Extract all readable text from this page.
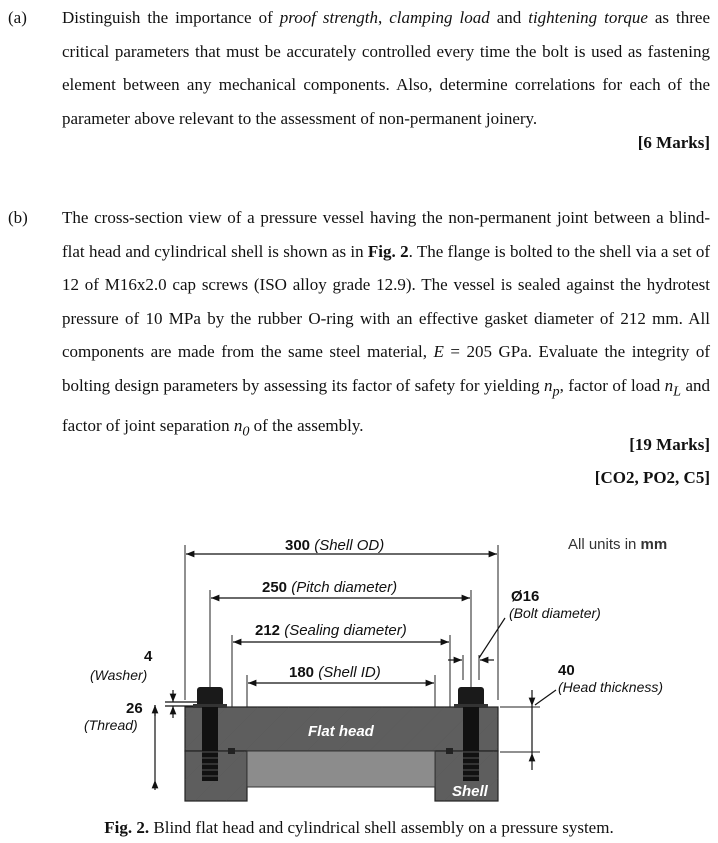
(a) Distinguish the importance of proof strength, clamping load and tightening torque as three critical parameters that must be accurately controlled every time the bolt is used as fastening element between any mechanical components. Also, determine correlations for each of the parameter above relevant to the assessment of non-permanent joinery.
[6 Marks]
(b) The cross-section view of a pressure vessel having the non-permanent joint between a blind-flat head and cylindrical shell is shown as in Fig. 2. The flange is bolted to the shell via a set of 12 of M16x2.0 cap screws (ISO alloy grade 12.9). The vessel is sealed against the hydrotest pressure of 10 MPa by the rubber O-ring with an effective gasket diameter of 212 mm. All components are made from the same steel material, E = 205 GPa. Evaluate the integrity of bolting design parameters by assessing its factor of safety for yielding $n_p$, factor of load $n_L$ and factor of joint separation $n_0$ of the assembly.
[19 Marks]
[CO2, PO2, C5]
All units in mm
300 (Shell OD)
250 (Pitch diameter)
212 (Sealing diameter)
180 (Shell ID)
Ø16
(Bolt diameter)
40
(Head thickness)
4
(Washer)
26
(Thread)	Flat head
Shell
Fig. 2. Blind flat head and cylindrical shell assembly on a pressure system.
